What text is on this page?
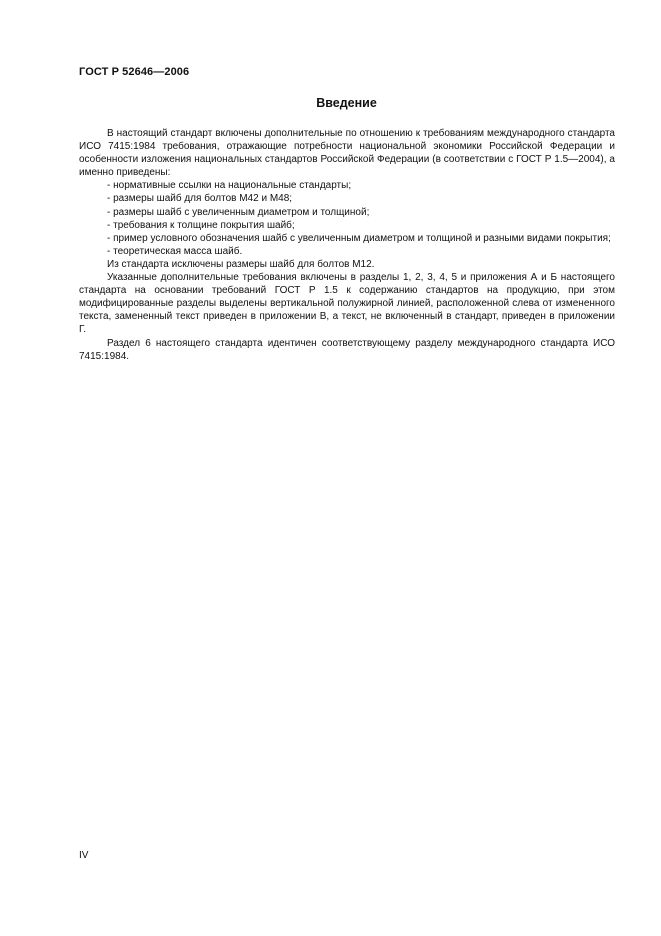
ГОСТ Р 52646—2006
Введение

В настоящий стандарт включены дополнительные по отношению к требованиям международного стандарта ИСО 7415:1984 требования, отражающие потребности национальной экономики Российской Федерации и особенности изложения национальных стандартов Российской Федерации (в соответствии с ГОСТ Р 1.5—2004), а именно приведены:

- нормативные ссылки на национальные стандарты;

- размеры шайб для болтов М42 и М48;

- размеры шайб с увеличенным диаметром и толщиной;

- требования к толщине покрытия шайб;

- пример условного обозначения шайб с увеличенным диаметром и толщиной и разными видами покрытия;

- теоретическая масса шайб.

Из стандарта исключены размеры шайб для болтов М12.

Указанные дополнительные требования включены в разделы 1, 2, 3, 4, 5 и приложения А и Б настоящего стандарта на основании требований ГОСТ Р 1.5 к содержанию стандартов на продукцию, при этом модифицированные разделы выделены вертикальной полужирной линией, расположенной слева от измененного текста, замененный текст приведен в приложении В, а текст, не включенный в стандарт, приведен в приложении Г.

Раздел 6 настоящего стандарта идентичен соответствующему разделу международного стандарта ИСО 7415:1984.

IV
